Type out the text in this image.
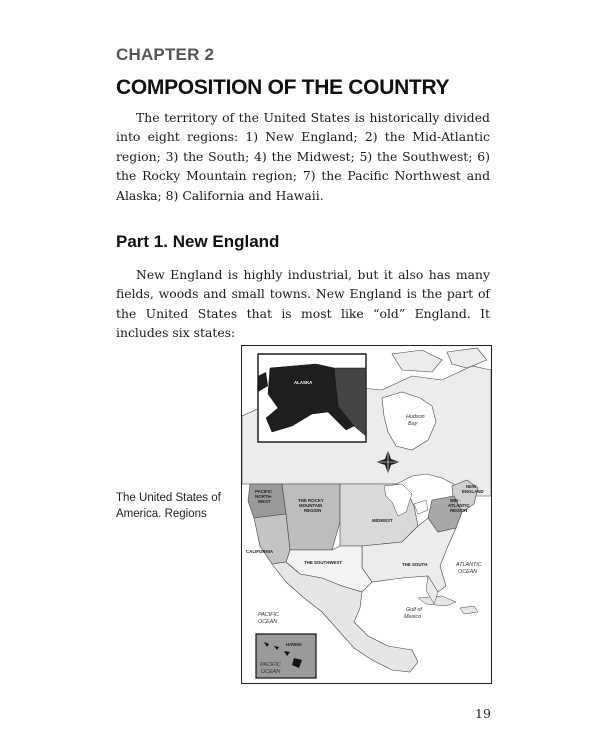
CHAPTER 2
COMPOSITION OF THE COUNTRY

The territory of the United States is historically divided into eight regions: 1) New England; 2) the Mid-Atlantic region; 3) the South; 4) the Midwest; 5) the Southwest; 6) the Rocky Mountain region; 7) the Pacific Northwest and Alaska; 8) California and Hawaii.

Part 1. New England

New England is highly industrial, but it also has many fields, woods and small towns. New England is the part of the United States that is most like “old” England. It includes six states:

The United States of America. Regions
ALASKA
Hudson
Bay
PACIFIC
NORTH-
WEST	THE ROCKY
MOUNTAIN
REGION
MIDWEST
NEW
ENGLAND
MID -
ATLANTIC
REGION
CALIFORNIA
THE SOUTHWEST	THE SOUTH	ATLANTIC
OCEAN
Gulf of
Mexico
PACIFIC
OCEAN
HAWAII
PACIFIC
OCEAN
19
